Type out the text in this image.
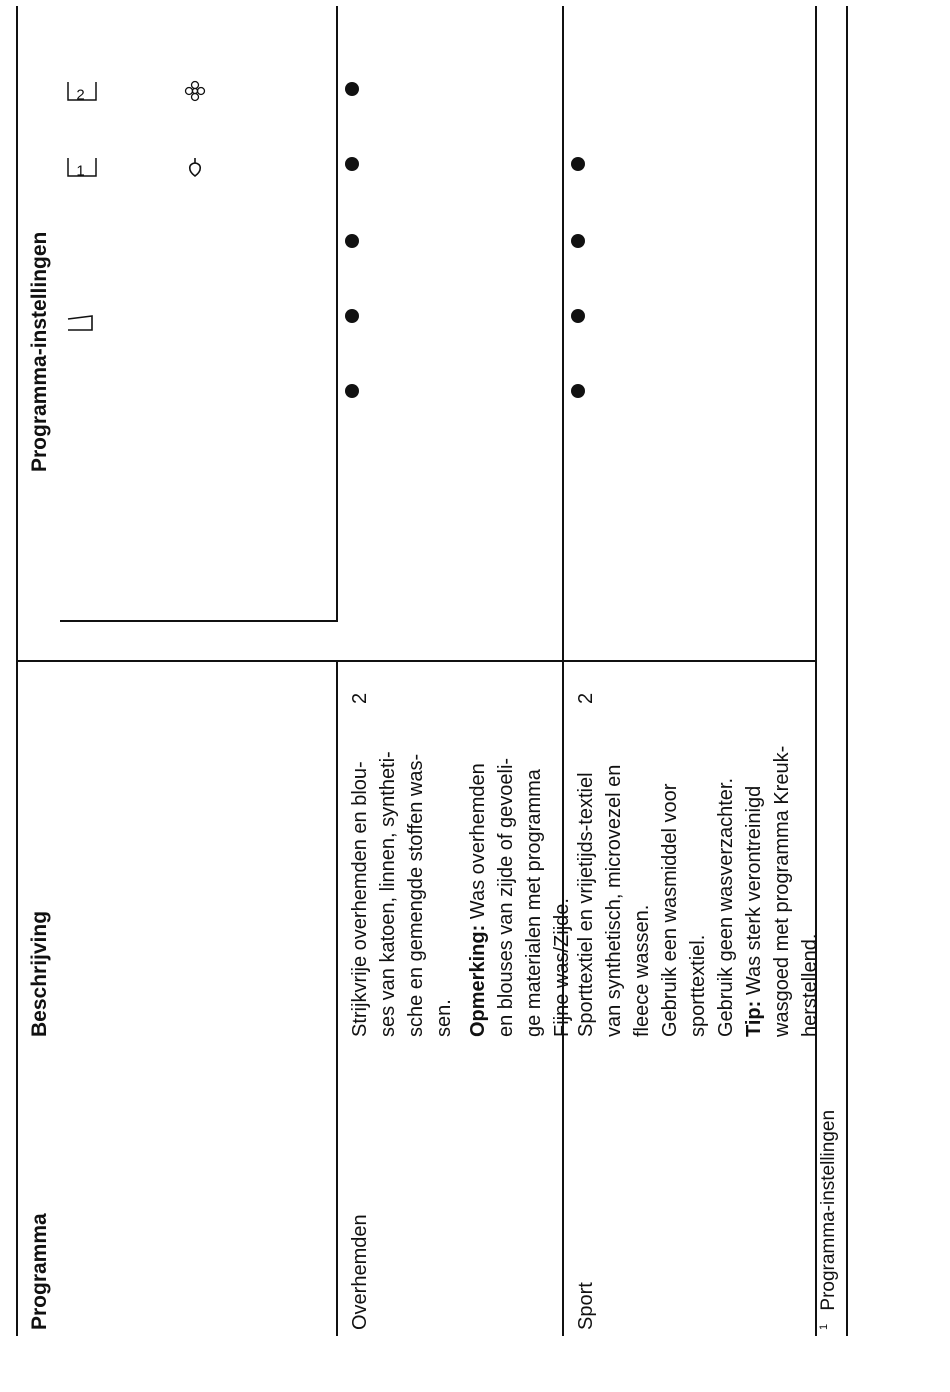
Programma
Beschrijving
Programma-instellingen
1
2
Overhemden

Strijkvrije overhemden en blou- ses van katoen, linnen, syntheti- sche en gemengde stoffen was- sen. Opmerking: Was overhemden en blouses van zijde of gevoeli- ge materialen met programma Fijne was/Zijde.

2
Sport

Sporttextiel en vrijetijds-textiel van synthetisch, microvezel en fleece wassen. Gebruik een wasmiddel voor sporttextiel. Gebruik geen wasverzachter. Tip: Was sterk verontreinigd wasgoed met programma Kreuk- herstellend.

2
$^1$ Programma-instellingen
